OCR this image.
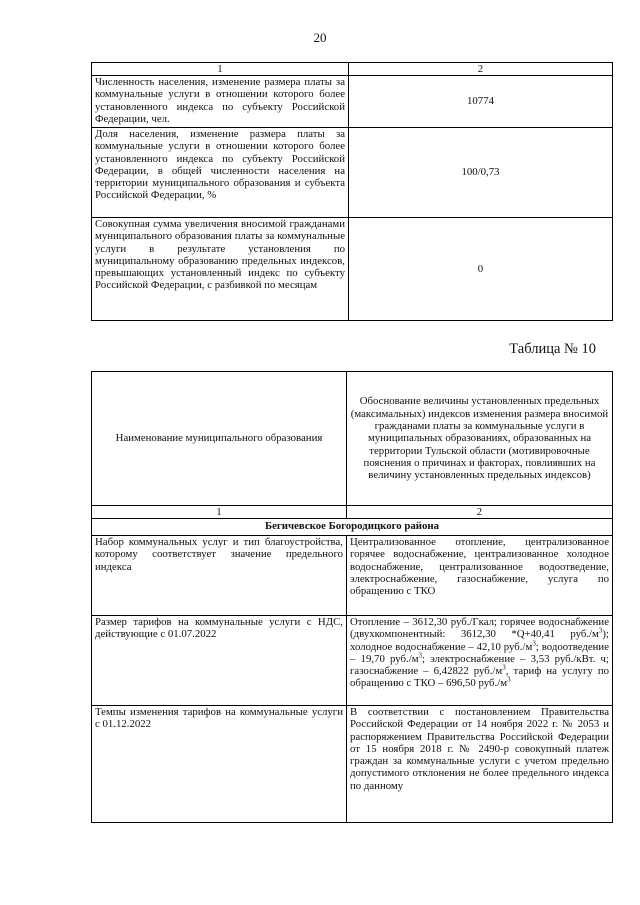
20
1	2
Численность населения, изменение размера платы за коммунальные услуги в отношении которого более установленного индекса по субъекту Российской Федерации, чел.	10774
Доля населения, изменение размера платы за коммунальные услуги в отношении которого более установленного индекса по субъекту Российской Федерации, в общей численности населения на территории муниципального образования и субъекта Российской Федерации, %	100/0,73
Совокупная сумма увеличения вносимой гражданами муниципального образования платы за коммунальные услуги в результате установления по муниципальному образованию предельных индексов, превышающих установленный индекс по субъекту Российской Федерации, с разбивкой по месяцам	0
Таблица № 10
Наименование муниципального образования	Обоснование величины установленных предельных (максимальных) индексов изменения размера вносимой гражданами платы за коммунальные услуги в муниципальных образованиях, образованных на территории Тульской области (мотивировочные пояснения о причинах и факторах, повлиявших на величину установленных предельных индексов)
1	2
Бегичевское Богородицкого района	
Набор коммунальных услуг и тип благоустройства, которому соответствует значение предельного индекса	Централизованное отопление, централизованное горячее водоснабжение, централизованное холодное водоснабжение, централизованное водоотведение, электроснабжение, газоснабжение, услуга по обращению с ТКО
Размер тарифов на коммунальные услуги с НДС, действующие с 01.07.2022	Отопление – 3612,30 руб./Гкал; горячее водоснабжение (двухкомпонентный: 3612,30 *Q+40,41 $руб./м^3$); холодное водоснабжение – 42,10 $руб./м^3$; водоотведение – 19,70 $руб./м^3$; электроснабжение – 3,53 руб./кВт. ч; газоснабжение – 6,42822 $руб./м^3$, тариф на услугу по обращению с ТКО – 696,50 $руб./м^3$
Темпы изменения тарифов на коммунальные услуги с 01.12.2022	В соответствии с постановлением Правительства Российской Федерации от 14 ноября 2022 г. № 2053 и распоряжением Правительства Российской Федерации от 15 ноября 2018 г. № 2490-р совокупный платеж граждан за коммунальные услуги с учетом предельно допустимого отклонения не более предельного индекса по данному
